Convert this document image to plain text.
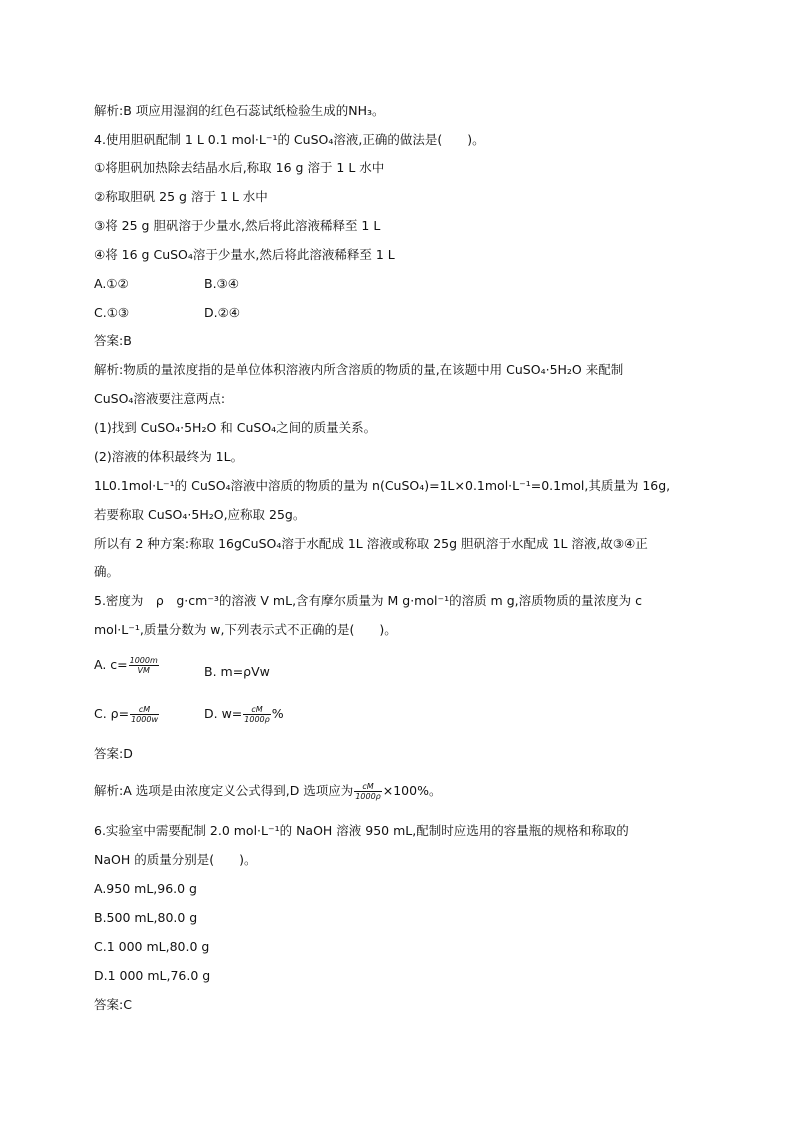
解析:B 项应用湿润的红色石蕊试纸检验生成的NH₃。
4.使用胆矾配制 1 L 0.1 mol·L⁻¹的 CuSO₄溶液,正确的做法是(　　)。
①将胆矾加热除去结晶水后,称取 16 g 溶于 1 L 水中
②称取胆矾 25 g 溶于 1 L 水中
③将 25 g 胆矾溶于少量水,然后将此溶液稀释至 1 L
④将 16 g CuSO₄溶于少量水,然后将此溶液稀释至 1 L
A.①②	B.③④
C.①③	D.②④
答案:B
解析:物质的量浓度指的是单位体积溶液内所含溶质的物质的量,在该题中用 CuSO₄·5H₂O 来配制
CuSO₄溶液要注意两点:
(1)找到 CuSO₄·5H₂O 和 CuSO₄之间的质量关系。
(2)溶液的体积最终为 1L。
1L0.1mol·L⁻¹的 CuSO₄溶液中溶质的物质的量为 n(CuSO₄)=1L×0.1mol·L⁻¹=0.1mol,其质量为 16g,
若要称取 CuSO₄·5H₂O,应称取 25g。
所以有 2 种方案:称取 16gCuSO₄溶于水配成 1L 溶液或称取 25g 胆矾溶于水配成 1L 溶液,故③④正
确。
5.密度为　ρ　g·cm⁻³的溶液 V mL,含有摩尔质量为 M g·mol⁻¹的溶质 m g,溶质物质的量浓度为 c
mol·L⁻¹,质量分数为 w,下列表示式不正确的是(　　)。
A. $c= \frac{1000m}{VM}$	B. m=ρVw
C. $\rho= \frac{cM}{1000w}$	D. $w= \frac{cM}{1000\rho}$ %
答案:D
解析:A 选项是由浓度定义公式得到,D 选项应为 $\frac{cM}{1000\rho} \times 100\%$。
6.实验室中需要配制 2.0 mol·L⁻¹的 NaOH 溶液 950 mL,配制时应选用的容量瓶的规格和称取的
NaOH 的质量分别是(　　)。
A.950 mL,96.0 g
B.500 mL,80.0 g
C.1 000 mL,80.0 g
D.1 000 mL,76.0 g
答案:C
